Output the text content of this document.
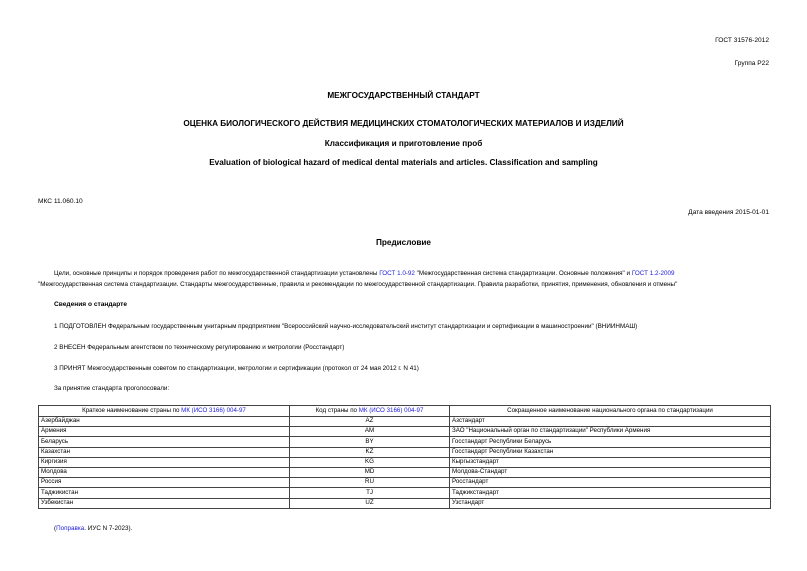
ГОСТ 31576-2012
Группа Р22
МЕЖГОСУДАРСТВЕННЫЙ СТАНДАРТ
ОЦЕНКА БИОЛОГИЧЕСКОГО ДЕЙСТВИЯ МЕДИЦИНСКИХ СТОМАТОЛОГИЧЕСКИХ МАТЕРИАЛОВ И ИЗДЕЛИЙ
Классификация и приготовление проб
Evaluation of biological hazard of medical dental materials and articles. Classification and sampling
МКС 11.060.10
Дата введения 2015-01-01
Предисловие
Цели, основные принципы и порядок проведения работ по межгосударственной стандартизации установлены ГОСТ 1.0-92 "Межгосударственная система стандартизации. Основные положения" и ГОСТ 1.2-2009
"Межгосударственная система стандартизации. Стандарты межгосударственные, правила и рекомендации по межгосударственной стандартизации. Правила разработки, принятия, применения, обновления и отмены"
Сведения о стандарте
1 ПОДГОТОВЛЕН Федеральным государственным унитарным предприятием "Всероссийский научно-исследовательский институт стандартизации и сертификации в машиностроении" (ВНИИНМАШ)
2 ВНЕСЕН Федеральным агентством по техническому регулированию и метрологии (Росстандарт)
3 ПРИНЯТ Межгосударственным советом по стандартизации, метрологии и сертификации (протокол от 24 мая 2012 г. N 41)
За принятие стандарта проголосовали:
Краткое наименование страны по МК (ИСО 3166) 004-97	Код страны по МК (ИСО 3166) 004-97	Сокращенное наименование национального органа по стандартизации
Азербайджан	AZ	Азстандарт
Армения	AM	ЗАО "Национальный орган по стандартизации" Республики Армения
Беларусь	BY	Госстандарт Республики Беларусь
Казахстан	KZ	Госстандарт Республики Казахстан
Киргизия	KG	Кыргызстандарт
Молдова	MD	Молдова-Стандарт
Россия	RU	Росстандарт
Таджикистан	TJ	Таджикстандарт
Узбекистан	UZ	Узстандарт
(Поправка. ИУС N 7-2023).
